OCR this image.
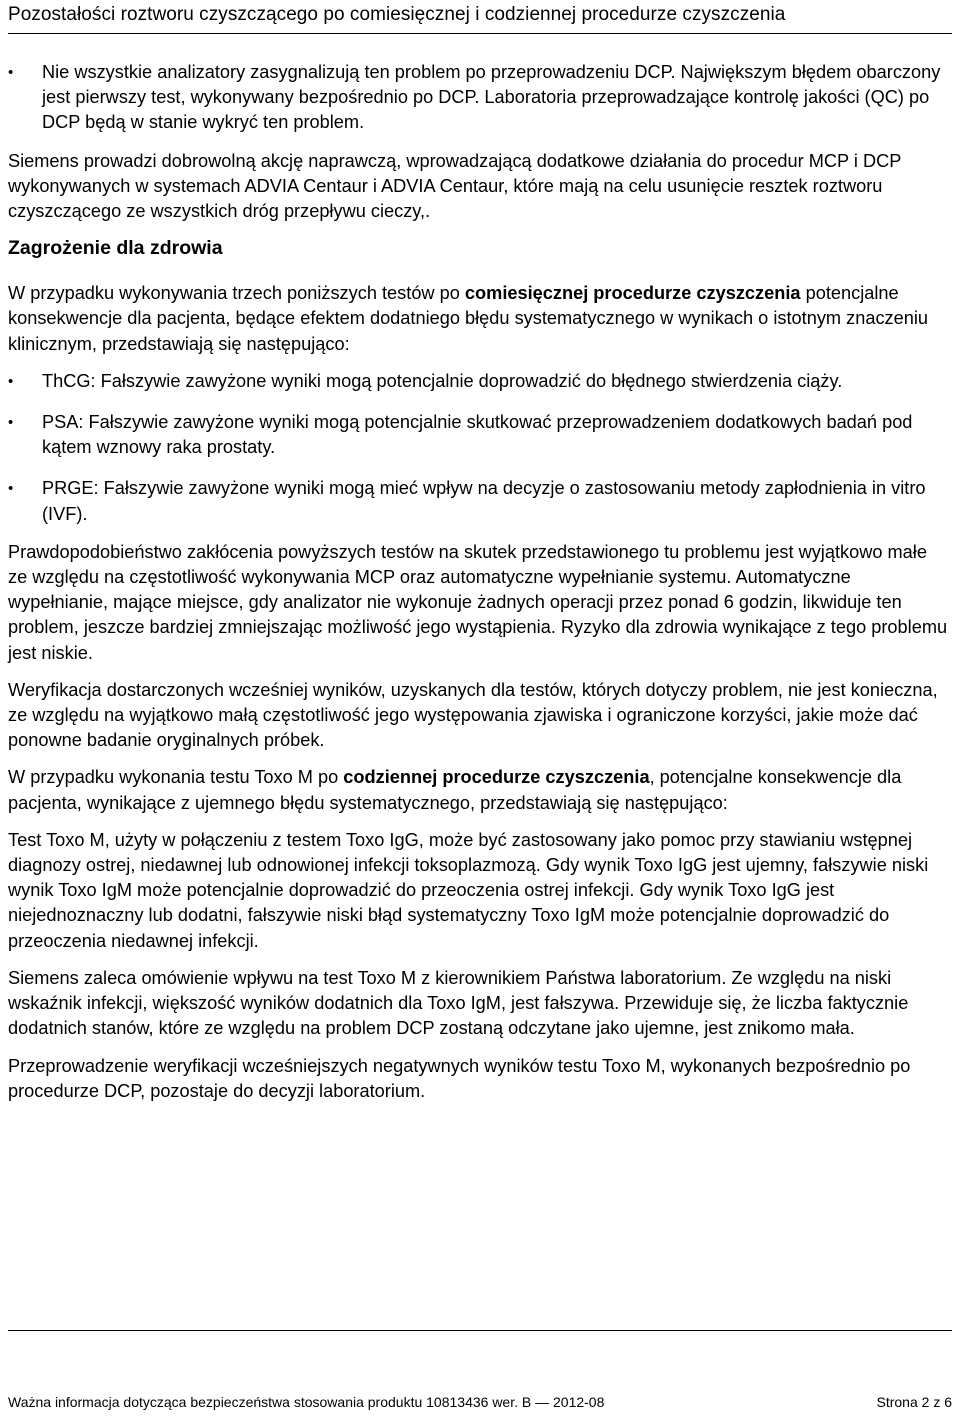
Pozostałości roztworu czyszczącego po comiesięcznej i codziennej procedurze czyszczenia
• Nie wszystkie analizatory zasygnalizują ten problem po przeprowadzeniu DCP. Największym błędem obarczony jest pierwszy test, wykonywany bezpośrednio po DCP. Laboratoria przeprowadzające kontrolę jakości (QC) po DCP będą w stanie wykryć ten problem.

Siemens prowadzi dobrowolną akcję naprawczą, wprowadzającą dodatkowe działania do procedur MCP i DCP wykonywanych w systemach ADVIA Centaur i ADVIA Centaur, które mają na celu usunięcie resztek roztworu czyszczącego ze wszystkich dróg przepływu cieczy,.

Zagrożenie dla zdrowia

W przypadku wykonywania trzech poniższych testów po comiesięcznej procedurze czyszczenia potencjalne konsekwencje dla pacjenta, będące efektem dodatniego błędu systematycznego w wynikach o istotnym znaczeniu klinicznym, przedstawiają się następująco:

• ThCG: Fałszywie zawyżone wyniki mogą potencjalnie doprowadzić do błędnego stwierdzenia ciąży.
• PSA: Fałszywie zawyżone wyniki mogą potencjalnie skutkować przeprowadzeniem dodatkowych badań pod kątem wznowy raka prostaty.
• PRGE: Fałszywie zawyżone wyniki mogą mieć wpływ na decyzje o zastosowaniu metody zapłodnienia in vitro (IVF).

Prawdopodobieństwo zakłócenia powyższych testów na skutek przedstawionego tu problemu jest wyjątkowo małe ze względu na częstotliwość wykonywania MCP oraz automatyczne wypełnianie systemu. Automatyczne wypełnianie, mające miejsce, gdy analizator nie wykonuje żadnych operacji przez ponad 6 godzin, likwiduje ten problem, jeszcze bardziej zmniejszając możliwość jego wystąpienia. Ryzyko dla zdrowia wynikające z tego problemu jest niskie.

Weryfikacja dostarczonych wcześniej wyników, uzyskanych dla testów, których dotyczy problem, nie jest konieczna, ze względu na wyjątkowo małą częstotliwość jego występowania zjawiska i ograniczone korzyści, jakie może dać ponowne badanie oryginalnych próbek.

W przypadku wykonania testu Toxo M po codziennej procedurze czyszczenia, potencjalne konsekwencje dla pacjenta, wynikające z ujemnego błędu systematycznego, przedstawiają się następująco:

Test Toxo M, użyty w połączeniu z testem Toxo IgG, może być zastosowany jako pomoc przy stawianiu wstępnej diagnozy ostrej, niedawnej lub odnowionej infekcji toksoplazmozą. Gdy wynik Toxo IgG jest ujemny, fałszywie niski wynik Toxo IgM może potencjalnie doprowadzić do przeoczenia ostrej infekcji. Gdy wynik Toxo IgG jest niejednoznaczny lub dodatni, fałszywie niski błąd systematyczny Toxo IgM może potencjalnie doprowadzić do przeoczenia niedawnej infekcji.

Siemens zaleca omówienie wpływu na test Toxo M z kierownikiem Państwa laboratorium. Ze względu na niski wskaźnik infekcji, większość wyników dodatnich dla Toxo IgM, jest fałszywa. Przewiduje się, że liczba faktycznie dodatnich stanów, które ze względu na problem DCP zostaną odczytane jako ujemne, jest znikomo mała.

Przeprowadzenie weryfikacji wcześniejszych negatywnych wyników testu Toxo M, wykonanych bezpośrednio po procedurze DCP, pozostaje do decyzji laboratorium.

Ważna informacja dotycząca bezpieczeństwa stosowania produktu 10813436 wer. B — 2012-08	Strona 2 z 6
